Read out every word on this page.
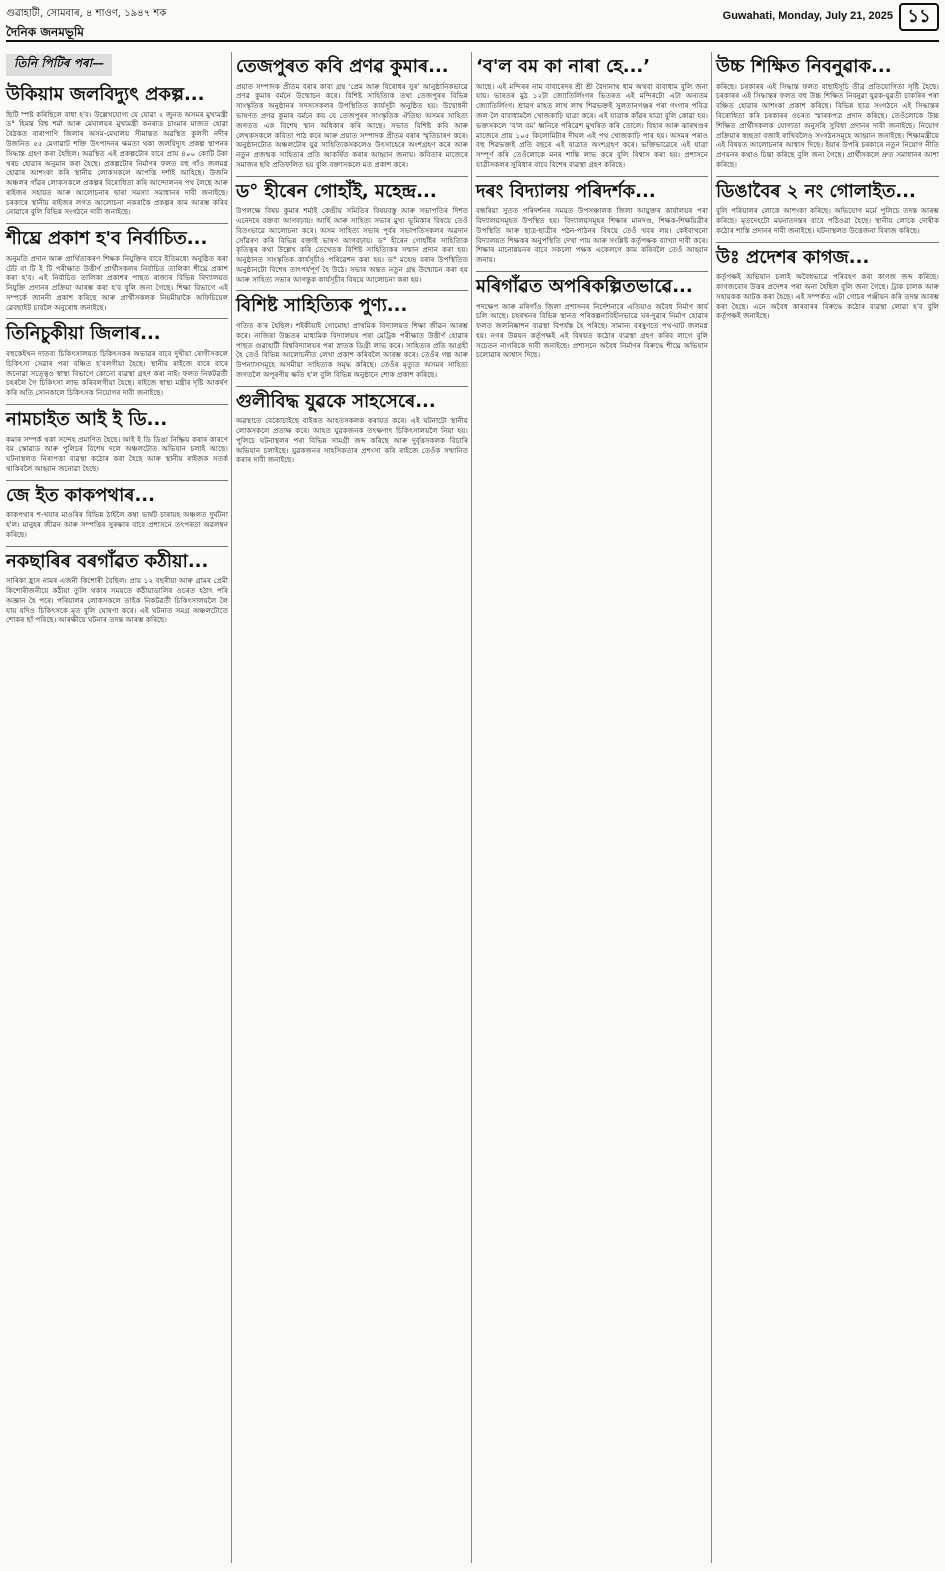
গুৱাহাটী, সোমবাৰ, ৪ শাওণ, ১৯৪৭ শক	Guwahati, Monday, July 21, 2025 ১১
দৈনিক জনমভূমি
তিনি পিটিৰ পৰা—
উকিয়াম জলবিদ্যুৎ প্ৰকল্প...

ছিটি স্পষ্ট কৰিছিলে বাধা হ'ব। উল্লেখযোগ্য যে যোৱা ২ জুনত অসমৰ মুখ্যমন্ত্ৰী ড° হিমন্ত বিশ্ব শৰ্মা আৰু মেঘালয়ৰ মুখ্যমন্ত্ৰী কনৰাড চাংমাৰ মাজত হোৱা বৈঠকত বাৰাপাণি জিলাৰ অসম-মেঘালয় সীমান্তত অৱস্থিত কুলসী নদীৰ উজনিত ৫৫ মেগাৱাট শক্তি উৎপাদনৰ ক্ষমতা থকা জলবিদ্যুৎ প্ৰকল্প স্থাপনৰ সিদ্ধান্ত গ্ৰহণ কৰা হৈছিল। অৱস্থিত এই প্ৰকল্পটোৰ বাবে প্ৰায় ৪০০ কোটি টকা খৰচ হোৱাৰ অনুমান কৰা হৈছে। প্ৰকল্পটোৰ নিৰ্মাণৰ ফলত বহু গাঁও জলমগ্ন হোৱাৰ আশংকা কৰি স্থানীয় লোকসকলে আপত্তি দৰ্শাই আহিছে। উজনি অঞ্চলৰ গাঁৱৰ লোকসকলে প্ৰকল্পৰ বিৰোধিতা কৰি আন্দোলনৰ পথ লৈছে আৰু ৰাইজৰ সহায়ত আৰু আলোচনাৰ দ্বাৰা সমস্যা সমাধানৰ দাবী জনাইছে। চৰকাৰে স্থানীয় ৰাইজৰ লগত আলোচনা নকৰাকৈ প্ৰকল্পৰ কাম আৰম্ভ কৰিব নোৱাৰে বুলি বিভিন্ন সংগঠনে দাবী জনাইছে।

শীঘ্ৰে প্ৰকাশ হ'ব নিৰ্বাচিত...

অনুমতি প্ৰদান আৰু প্ৰাৰ্থিতাকৰণ শিক্ষক নিযুক্তিৰ বাবে ইতিমধ্যে অনুষ্ঠিত কৰা টেট বা টি ই টি পৰীক্ষাত উত্তীৰ্ণ প্ৰাৰ্থীসকলৰ নিৰ্বাচিত তালিকা শীঘ্ৰে প্ৰকাশ কৰা হ'ব। এই নিৰ্বাচিত তালিকা প্ৰকাশৰ পাছত ৰাজ্যৰ বিভিন্ন বিদ্যালয়ত নিযুক্তি প্ৰদানৰ প্ৰক্ৰিয়া আৰম্ভ কৰা হ'ব বুলি জনা গৈছে। শিক্ষা বিভাগে এই সম্পৰ্কে জাননী প্ৰকাশ কৰিছে আৰু প্ৰাৰ্থীসকলক নিয়মীয়াকৈ অফিচিয়েল ৱেবছাইট চাবলৈ অনুৰোধ জনাইছে।

তিনিচুকীয়া জিলাৰ...

বহুকেইখন দাতব্য চিকিৎসালয়ত চিকিৎসকৰ অভাৱৰ বাবে দুখীয়া ৰোগীসকলে চিকিৎসা সেৱাৰ পৰা বঞ্চিত হ'বলগীয়া হৈছে। স্থানীয় ৰাইজে বাৰে বাৰে জনোৱা সত্ত্বেও স্বাস্থ্য বিভাগে কোনো ব্যৱস্থা গ্ৰহণ কৰা নাই। ফলত নিকটৱৰ্তী চহৰলৈ গৈ চিকিৎসা লাভ কৰিবলগীয়া হৈছে। ৰাইজে স্বাস্থ্য মন্ত্ৰীৰ দৃষ্টি আকৰ্ষণ কৰি অতি সোনকালে চিকিৎসক নিয়োগৰ দাবী জনাইছে।

নামচাইত আই ই ডি...

কমাৰ সম্পৰ্ক থকা সন্দেহ প্ৰমাণিত হৈছে। আই ই ডি ডিঙা নিষ্ক্ৰিয় কৰাৰ কাৰণে বম স্কোৱাড আৰু পুলিচৰ বিশেষ দলে অঞ্চলটোত অভিযান চলাই আছে। ঘটনাস্থলত নিৰাপত্তা ব্যৱস্থা কঠোৰ কৰা হৈছে আৰু স্থানীয় ৰাইজক সতৰ্ক থাকিবলৈ আহ্বান জনোৱা হৈছে।

জে ইত কাকপথাৰ...

কাকপথাৰ শ-খযাৰ মাওৰিৰ বিভিন্ন ঠাইলৈ কম্বা ভাৰ্ষট চাৰায়হ অঞ্চলত দুৰ্ঘটনা হ'ল। মানুহৰ জীৱন আৰু সম্পত্তিৰ সুৰক্ষাৰ বাবে প্ৰশাসনে তৎপৰতা অৱলম্বন কৰিছে।

নকছাৰিৰ বৰগাঁৱত কঠীয়া...

সাৰিকা হ্ৰাস নামৰ এজনী কিশোৰী বৈছিল। প্ৰায় ১২ বছৰীয়া আৰু গ্ৰামৰ প্ৰেমী কিশোৰীজনীয়ে কঠীয়া তুলি থকাৰ সময়তে কঠীয়াডালিৰ ওচৰত হঠাৎ পৰি অজ্ঞান হৈ পৰে। পৰিয়ালৰ লোকসকলে তাইক নিকটৱৰ্তী চিকিৎসালয়লৈ লৈ যায় যদিও চিকিৎসকে মৃত বুলি ঘোষণা কৰে। এই ঘটনাত সমগ্ৰ অঞ্চলটোতে শোকৰ ছাঁ পৰিছে। আৰক্ষীয়ে ঘটনাৰ তদন্ত আৰম্ভ কৰিছে।

তেজপুৰত কবি প্ৰণৱ কুমাৰ...

প্ৰয়াত সম্পাদক প্ৰীতম বৰাৰ কাব্য গ্ৰন্থ ‘প্ৰেম আৰু বিৰোধৰ সুৰ’ আনুষ্ঠানিকভাৱে প্ৰণৱ কুমাৰ বৰ্মনে উন্মোচন কৰে। বিশিষ্ট সাহিত্যিক তথা তেজপুৰৰ বিভিন্ন সাংস্কৃতিক অনুষ্ঠানৰ সদস্যসকলৰ উপস্থিতিত কাৰ্যসূচী অনুষ্ঠিত হয়। উদ্বোধনী ভাষণত প্ৰণৱ কুমাৰ বৰ্মনে কয় যে তেজপুৰৰ সাংস্কৃতিক ঐতিহ্য অসমৰ সাহিত্য জগতত এক বিশেষ স্থান অধিকাৰ কৰি আছে। সভাত বিশিষ্ট কবি আৰু লেখকসকলে কবিতা পাঠ কৰে আৰু প্ৰয়াত সম্পাদক প্ৰীতম বৰাৰ স্মৃতিচাৰণ কৰে। অনুষ্ঠানটোত অঞ্চলটোৰ যুৱ সাহিত্যিকসকলেও উৎসাহেৰে অংশগ্ৰহণ কৰে আৰু নতুন প্ৰজন্মক সাহিত্যৰ প্ৰতি আকৰ্ষিত কৰাৰ আহ্বান জনায়। কবিতাৰ মাজেৰে সমাজৰ ছবি প্ৰতিফলিত হয় বুলি বক্তাসকলে মত প্ৰকাশ কৰে।

ড° হীৰেন গোহাঁই, মহেন্দ্ৰ...

উপলক্ষে বিষয় কুমাৰ শৰ্মাই কেন্দ্ৰীয় সমিতিৰ বিষয়বস্তু আৰু সভাপতিৰ দিশত এনেদৰে বক্তব্য আগবঢ়ায়। আৰ্হি আৰু সাহিত্য সভাৰ মুখ্য ভূমিকাৰ বিষয়ে তেওঁ বিতংভাৱে আলোচনা কৰে। অসম সাহিত্য সভাৰ পূৰ্বৰ সভাপতিসকলৰ অৱদান সোঁৱৰণ কৰি বিভিন্ন বক্তাই ভাষণ আগবঢ়ায়। ড° হীৰেন গোহাঁইৰ সাহিত্যিক কৃতিত্বৰ কথা উল্লেখ কৰি তেখেতক বিশিষ্ট সাহিত্যিকৰ সন্মান প্ৰদান কৰা হয়। অনুষ্ঠানত সাংস্কৃতিক কাৰ্যসূচীও পৰিৱেশন কৰা হয়। ড° মহেন্দ্ৰ বৰাৰ উপস্থিতিত অনুষ্ঠানটো বিশেষ তাৎপৰ্যপূৰ্ণ হৈ উঠে। সভাৰ অন্তত নতুন গ্ৰন্থ উন্মোচন কৰা হয় আৰু সাহিত্য সভাৰ আগন্তুক কাৰ্যসূচীৰ বিষয়ে আলোচনা কৰা হয়।

বিশিষ্ট সাহিত্যিক পুণ্য...

গতিত ক'ৰ হৈছিল। শইকীয়াই গোমোহা প্ৰাথমিক বিদ্যালয়ত শিক্ষা জীৱন আৰম্ভ কৰে। নাজিৰা উচ্চতৰ মাধ্যমিক বিদ্যালয়ৰ পৰা মেট্ৰিক পৰীক্ষাত উত্তীৰ্ণ হোৱাৰ পাছত গুৱাহাটী বিশ্ববিদ্যালয়ৰ পৰা স্নাতক ডিগ্ৰী লাভ কৰে। সাহিত্যৰ প্ৰতি আগ্ৰহী হৈ তেওঁ বিভিন্ন আলোচনীত লেখা প্ৰকাশ কৰিবলৈ আৰম্ভ কৰে। তেওঁৰ গল্প আৰু উপন্যাসসমূহে অসমীয়া সাহিত্যক সমৃদ্ধ কৰিছে। তেওঁৰ মৃত্যুত অসমৰ সাহিত্য জগতলৈ অপূৰণীয় ক্ষতি হ'ল বুলি বিভিন্ন অনুষ্ঠানে শোক প্ৰকাশ কৰিছে।

গুলীবিদ্ধ যুৱকে সাহসেৰে...

অৱস্থাতে বেকোচাইছে বাইকত আহতসকলক কৰায়ত কৰে। এই ঘটনাটো স্থানীয় লোকসকলে প্ৰত্যক্ষ কৰে। আহত যুৱকজনক তৎক্ষণাৎ চিকিৎসালয়লৈ নিয়া হয়। পুলিচে ঘটনাস্থলৰ পৰা বিভিন্ন সামগ্ৰী জব্দ কৰিছে আৰু দুৰ্বৃত্তসকলক বিচাৰি অভিযান চলাইছে। যুৱকজনৰ সাহসিকতাৰ প্ৰশংসা কৰি ৰাইজে তেওঁক সন্মানিত কৰাৰ দাবী জনাইছে।

‘ব'ল বম কা নাৰা হে...’

আছে। এই মন্দিৰৰ নাম বাবাৰেদৰ শ্ৰী শ্ৰী বৈদ্যনাথ ধাম অথবা বাবাধাম বুলি জনা যায়। ভাৰতৰ মুঠ ১২টা জ্যোতিৰ্লিংগৰ ভিতৰত এই মন্দিৰটো এটা অন্যতম জ্যোতিৰ্লিংগ। শ্ৰাৱণ মাহত লাখ লাখ শিৱভক্তই সুলতানগঞ্জৰ পৰা গংগাৰ পবিত্ৰ জল লৈ বাবাধামলৈ খোজকাঢ়ি যাত্ৰা কৰে। এই যাত্ৰাক কাঁৱৰ যাত্ৰা বুলি কোৱা হয়। ভক্তসকলে ‘ব'ল বম’ ধ্বনিৰে পৰিৱেশ মুখৰিত কৰি তোলে। বিহাৰ আৰু ঝাৰখণ্ডৰ মাজেৰে প্ৰায় ১০৫ কিলোমিটাৰ দীঘল এই পথ খোজকাঢ়ি পাৰ হয়। অসমৰ পৰাও বহু শিৱভক্তই প্ৰতি বছৰে এই যাত্ৰাত অংশগ্ৰহণ কৰে। ভক্তিভাৱেৰে এই যাত্ৰা সম্পূৰ্ণ কৰি তেওঁলোকে মনৰ শান্তি লাভ কৰে বুলি বিশ্বাস কৰা হয়। প্ৰশাসনে যাত্ৰীসকলৰ সুবিধাৰ বাবে বিশেষ ব্যৱস্থা গ্ৰহণ কৰিছে।

দৰং বিদ্যালয় পৰিদৰ্শক...

বন্ধৰিয়া সুতত পৰিদৰ্শনৰ সময়ত উপসঞ্চালক জিলা আয়ুক্তৰ কাৰ্যালয়ৰ পৰা বিদ্যালয়সমূহত উপস্থিত হয়। বিদ্যালয়সমূহৰ শিক্ষাৰ মানদণ্ড, শিক্ষক-শিক্ষয়িত্ৰীৰ উপস্থিতি আৰু ছাত্ৰ-ছাত্ৰীৰ পঠন-পাঠনৰ বিষয়ে তেওঁ খবৰ লয়। কেইবাখনো বিদ্যালয়ত শিক্ষকৰ অনুপস্থিতি দেখা পায় আৰু সংশ্লিষ্ট কৰ্তৃপক্ষক ব্যাখ্যা দাবী কৰে। শিক্ষাৰ মানোন্নয়নৰ বাবে সকলো পক্ষক একেলগে কাম কৰিবলৈ তেওঁ আহ্বান জনায়।

মৰিগাঁৱত অপৰিকল্পিতভাৱে...

পদক্ষেপ আৰু মৰিগাঁও জিলা প্ৰশাসনৰ নিৰ্দেশনাৰে এতিয়াও অবৈধ নিৰ্মাণ কাৰ্য চলি আছে। চহৰখনৰ বিভিন্ন স্থানত পৰিকল্পনাবিহীনভাৱে ঘৰ-দুৱাৰ নিৰ্মাণ হোৱাৰ ফলত জলনিষ্কাশন ব্যৱস্থা বিপৰ্যস্ত হৈ পৰিছে। সামান্য বৰষুণতে পথ-ঘাট জলমগ্ন হয়। নগৰ উন্নয়ন কৰ্তৃপক্ষই এই বিষয়ত কঠোৰ ব্যৱস্থা গ্ৰহণ কৰিব লাগে বুলি সচেতন নাগৰিকে দাবী জনাইছে। প্ৰশাসনে অবৈধ নিৰ্মাণৰ বিৰুদ্ধে শীঘ্ৰে অভিযান চলোৱাৰ আশ্বাস দিছে।

উচ্চ শিক্ষিত নিবনুৱাক...

কৰিছে। চৰকাৰৰ এই সিদ্ধান্ত ফলত বাছাইসূচি তীব্ৰ প্ৰতিযোগিতা সৃষ্টি হৈছে। চৰকাৰৰ এই সিদ্ধান্তৰ ফলত বহু উচ্চ শিক্ষিত নিবনুৱা যুৱক-যুৱতী চাকৰিৰ পৰা বঞ্চিত হোৱাৰ আশংকা প্ৰকাশ কৰিছে। বিভিন্ন ছাত্ৰ সংগঠনে এই সিদ্ধান্তৰ বিৰোধিতা কৰি চৰকাৰৰ ওচৰত স্মাৰকপত্ৰ প্ৰদান কৰিছে। তেওঁলোকে উচ্চ শিক্ষিত প্ৰাৰ্থীসকলক যোগ্যতা অনুসৰি সুবিধা প্ৰদানৰ দাবী জনাইছে। নিয়োগ প্ৰক্ৰিয়াৰ স্বচ্ছতা বজাই ৰাখিবলৈও সংগঠনসমূহে আহ্বান জনাইছে। শিক্ষামন্ত্ৰীয়ে এই বিষয়ত আলোচনাৰ আশ্বাস দিছে। ইয়াৰ উপৰি চৰকাৰে নতুন নিয়োগ নীতি প্ৰণয়নৰ কথাও চিন্তা কৰিছে বুলি জনা গৈছে। প্ৰাৰ্থীসকলে দ্ৰুত সমাধানৰ আশা কৰিছে।

ডিঙাবৈৰ ২ নং গোলাইত...

বুলি পৰিয়ালৰ লোকে আশংকা কৰিছে। অভিযোগ মৰ্মে পুলিচে তদন্ত আৰম্ভ কৰিছে। মৃতদেহটো ময়নাতদন্তৰ বাবে পঠিওৱা হৈছে। স্থানীয় লোকে দোষীক কঠোৰ শাস্তি প্ৰদানৰ দাবী জনাইছে। ঘটনাস্থলত উত্তেজনা বিৰাজ কৰিছে।

উঃ প্ৰদেশৰ কাগজ...

কৰ্তৃপক্ষই অভিযান চলাই অবৈধভাৱে পৰিবহণ কৰা কাগজ জব্দ কৰিছে। কাগজবোৰ উত্তৰ প্ৰদেশৰ পৰা অনা হৈছিল বুলি জনা গৈছে। ট্ৰাক চালক আৰু সহায়কক আটক কৰা হৈছে। এই সম্পৰ্কত এটা গোচৰ পঞ্জীয়ন কৰি তদন্ত আৰম্ভ কৰা হৈছে। এনে অবৈধ কাৰবাৰৰ বিৰুদ্ধে কঠোৰ ব্যৱস্থা লোৱা হ'ব বুলি কৰ্তৃপক্ষই জনাইছে।
